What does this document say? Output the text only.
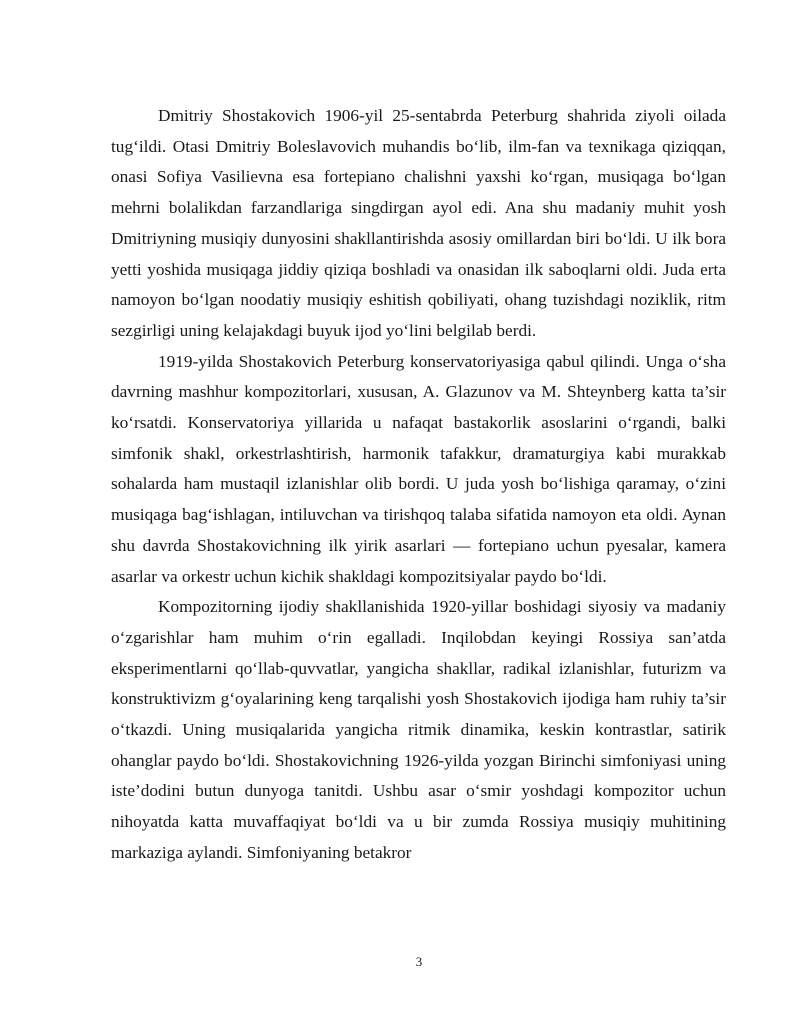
Dmitriy Shostakovich 1906-yil 25-sentabrda Peterburg shahrida ziyoli oilada tug‘ildi. Otasi Dmitriy Boleslavovich muhandis bo‘lib, ilm-fan va texnikaga qiziqqan, onasi Sofiya Vasilievna esa fortepiano chalishni yaxshi ko‘rgan, musiqaga bo‘lgan mehrni bolalikdan farzandlariga singdirgan ayol edi. Ana shu madaniy muhit yosh Dmitriyning musiqiy dunyosini shakllantirishda asosiy omillardan biri bo‘ldi. U ilk bora yetti yoshida musiqaga jiddiy qiziqa boshladi va onasidan ilk saboqlarni oldi. Juda erta namoyon bo‘lgan noodatiy musiqiy eshitish qobiliyati, ohang tuzishdagi noziklik, ritm sezgirligi uning kelajakdagi buyuk ijod yo‘lini belgilab berdi.

1919-yilda Shostakovich Peterburg konservatoriyasiga qabul qilindi. Unga o‘sha davrning mashhur kompozitorlari, xususan, A. Glazunov va M. Shteynberg katta ta’sir ko‘rsatdi. Konservatoriya yillarida u nafaqat bastakorlik asoslarini o‘rgandi, balki simfonik shakl, orkestrlashtirish, harmonik tafakkur, dramaturgiya kabi murakkab sohalarda ham mustaqil izlanishlar olib bordi. U juda yosh bo‘lishiga qaramay, o‘zini musiqaga bag‘ishlagan, intiluvchan va tirishqoq talaba sifatida namoyon eta oldi. Aynan shu davrda Shostakovichning ilk yirik asarlari — fortepiano uchun pyesalar, kamera asarlar va orkestr uchun kichik shakldagi kompozitsiyalar paydo bo‘ldi.

Kompozitorning ijodiy shakllanishida 1920-yillar boshidagi siyosiy va madaniy o‘zgarishlar ham muhim o‘rin egalladi. Inqilobdan keyingi Rossiya san’atda eksperimentlarni qo‘llab-quvvatlar, yangicha shakllar, radikal izlanishlar, futurizm va konstruktivizm g‘oyalarining keng tarqalishi yosh Shostakovich ijodiga ham ruhiy ta’sir o‘tkazdi. Uning musiqalarida yangicha ritmik dinamika, keskin kontrastlar, satirik ohanglar paydo bo‘ldi. Shostakovichning 1926-yilda yozgan Birinchi simfoniyasi uning iste’dodini butun dunyoga tanitdi. Ushbu asar o‘smir yoshdagi kompozitor uchun nihoyatda katta muvaffaqiyat bo‘ldi va u bir zumda Rossiya musiqiy muhitining markaziga aylandi. Simfoniyaning betakror

3
